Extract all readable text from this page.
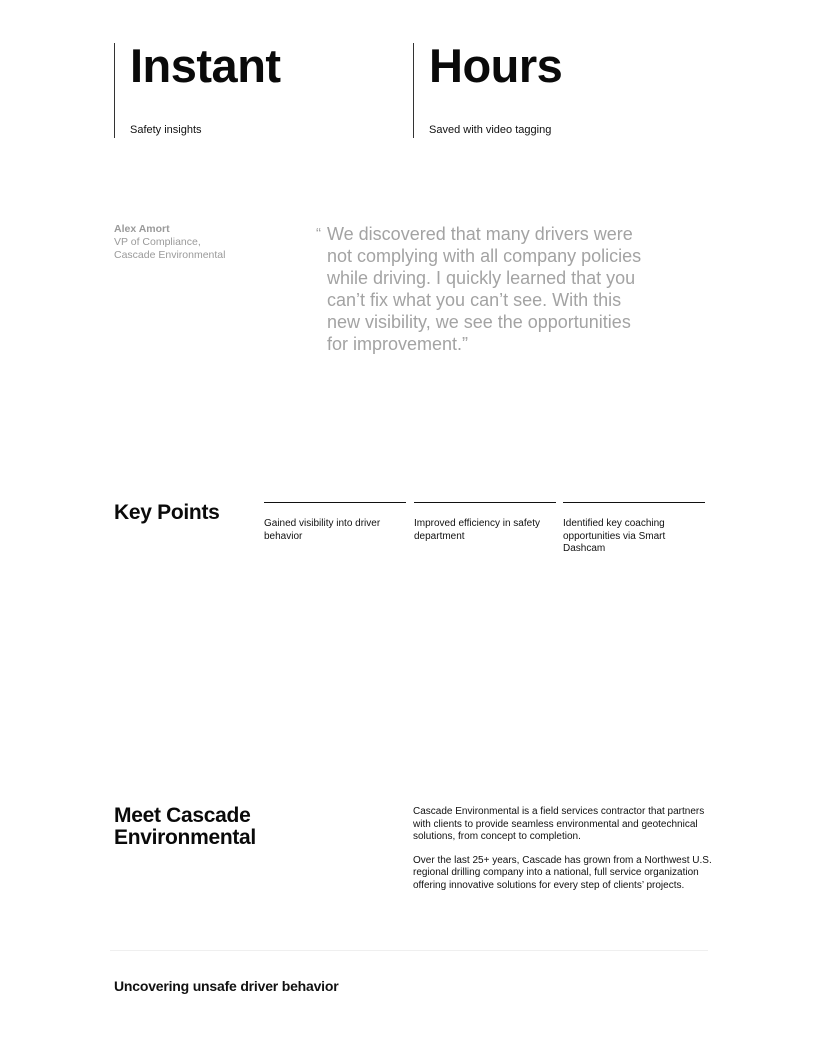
Instant
Safety insights
Hours
Saved with video tagging
Alex Amort
VP of Compliance,
Cascade Environmental
“ We discovered that many drivers were not complying with all company policies while driving. I quickly learned that you can’t fix what you can’t see. With this new visibility, we see the opportunities for improvement.”
Key Points	Gained visibility into driver behavior
Improved efficiency in safety department
Identified key coaching opportunities via Smart Dashcam
Meet Cascade Environmental

Cascade Environmental is a field services contractor that partners with clients to provide seamless environmental and geotechnical solutions, from concept to completion.

Over the last 25+ years, Cascade has grown from a Northwest U.S. regional drilling company into a national, full service organization offering innovative solutions for every step of clients’ projects.

Uncovering unsafe driver behavior
